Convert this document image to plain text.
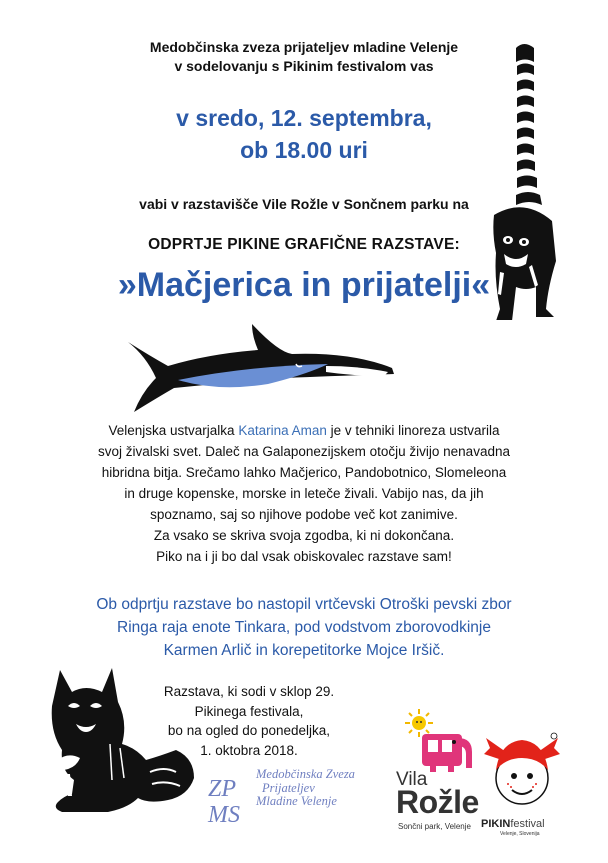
Medobčinska zveza prijateljev mladine Velenje
v sodelovanju s Pikinim festivalom vas
v sredo, 12. septembra,
ob 18.00 uri
vabi v razstavišče Vile Rožle v Sončnem parku na
ODPRTJE PIKINE GRAFIČNE RAZSTAVE:
»Mačjerica in prijatelji«
Velenjska ustvarjalka Katarina Aman je v tehniki linoreza ustvarila
svoj živalski svet. Daleč na Galaponezijskem otočju živijo nenavadna
hibridna bitja. Srečamo lahko Mačjerico, Pandobotnico, Slomeleona
in druge kopenske, morske in leteče živali. Vabijo nas, da jih
spoznamo, saj so njihove podobe več kot zanimive.
Za vsako se skriva svoja zgodba, ki ni dokončana.
Piko na i ji bo dal vsak obiskovalec razstave sam!
Ob odprtju razstave bo nastopil vrtčevski Otroški pevski zbor
Ringa raja enote Tinkara, pod vodstvom zborovodkinje
Karmen Arlič in korepetitorke Mojce Iršič.
Razstava, ki sodi v sklop 29. Pikinega festivala,
bo na ogled do ponedeljka,
1. oktobra 2018.
ZP
MS
Medobčinska Zveza
Prijateljev
Mladine Velenje
Vila
Rožle
Sončni park, Velenje PIKINfestival
Velenje, Slovenija
